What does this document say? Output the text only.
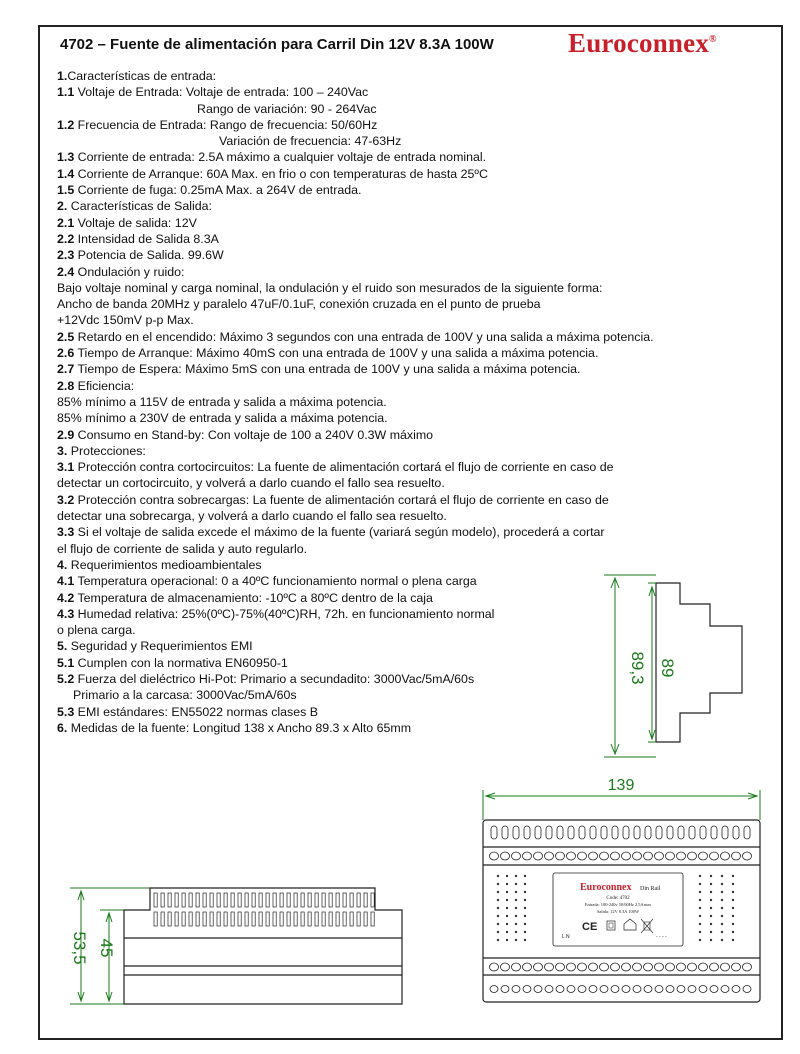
4702 – Fuente de alimentación para Carril Din 12V 8.3A 100W	Euroconnex®
1.Características de entrada:
1.1 Voltaje de Entrada: Voltaje de entrada: 100 – 240Vac
Rango de variación: 90 - 264Vac
1.2 Frecuencia de Entrada: Rango de frecuencia: 50/60Hz
Variación de frecuencia: 47-63Hz
1.3 Corriente de entrada: 2.5A máximo a cualquier voltaje de entrada nominal.
1.4 Corriente de Arranque: 60A Max. en frio o con temperaturas de hasta 25ºC
1.5 Corriente de fuga: 0.25mA Max. a 264V de entrada.
2. Características de Salida:
2.1 Voltaje de salida: 12V
2.2 Intensidad de Salida 8.3A
2.3 Potencia de Salida. 99.6W
2.4 Ondulación y ruido:
Bajo voltaje nominal y carga nominal, la ondulación y el ruido son mesurados de la siguiente forma:
Ancho de banda 20MHz y paralelo 47uF/0.1uF, conexión cruzada en el punto de prueba
+12Vdc 150mV p-p Max.
2.5 Retardo en el encendido: Máximo 3 segundos con una entrada de 100V y una salida a máxima potencia.
2.6 Tiempo de Arranque: Máximo 40mS con una entrada de 100V y una salida a máxima potencia.
2.7 Tiempo de Espera: Máximo 5mS con una entrada de 100V y una salida a máxima potencia.
2.8 Eficiencia:
85% mínimo a 115V de entrada y salida a máxima potencia.
85% mínimo a 230V de entrada y salida a máxima potencia.
2.9 Consumo en Stand-by: Con voltaje de 100 a 240V 0.3W máximo
3. Protecciones:
3.1 Protección contra cortocircuitos: La fuente de alimentación cortará el flujo de corriente en caso de
detectar un cortocircuito, y volverá a darlo cuando el fallo sea resuelto.
3.2 Protección contra sobrecargas: La fuente de alimentación cortará el flujo de corriente en caso de
detectar una sobrecarga, y volverá a darlo cuando el fallo sea resuelto.
3.3 Si el voltaje de salida excede el máximo de la fuente (variará según modelo), procederá a cortar
el flujo de corriente de salida y auto regularlo.
4. Requerimientos medioambientales
4.1 Temperatura operacional: 0 a 40ºC funcionamiento normal o plena carga
4.2 Temperatura de almacenamiento: -10ºC a 80ºC dentro de la caja
4.3 Humedad relativa: 25%(0ºC)-75%(40ºC)RH, 72h. en funcionamiento normal
o plena carga.
5. Seguridad y Requerimientos EMI
5.1 Cumplen con la normativa EN60950-1
5.2 Fuerza del dieléctrico Hi-Pot: Primario a secundadito: 3000Vac/5mA/60s
Primario a la carcasa: 3000Vac/5mA/60s
5.3 EMI estándares: EN55022 normas clases B
6. Medidas de la fuente: Longitud 138 x Ancho 89.3 x Alto 65mm
89,3 89
139
Euroconnex Din Rail
Code: 4702
Entrada: 100-240v 50/60Hz 2.5Amax
Salida: 12V 8.3A 100W
L N
CE
- - - -
53,5 45
